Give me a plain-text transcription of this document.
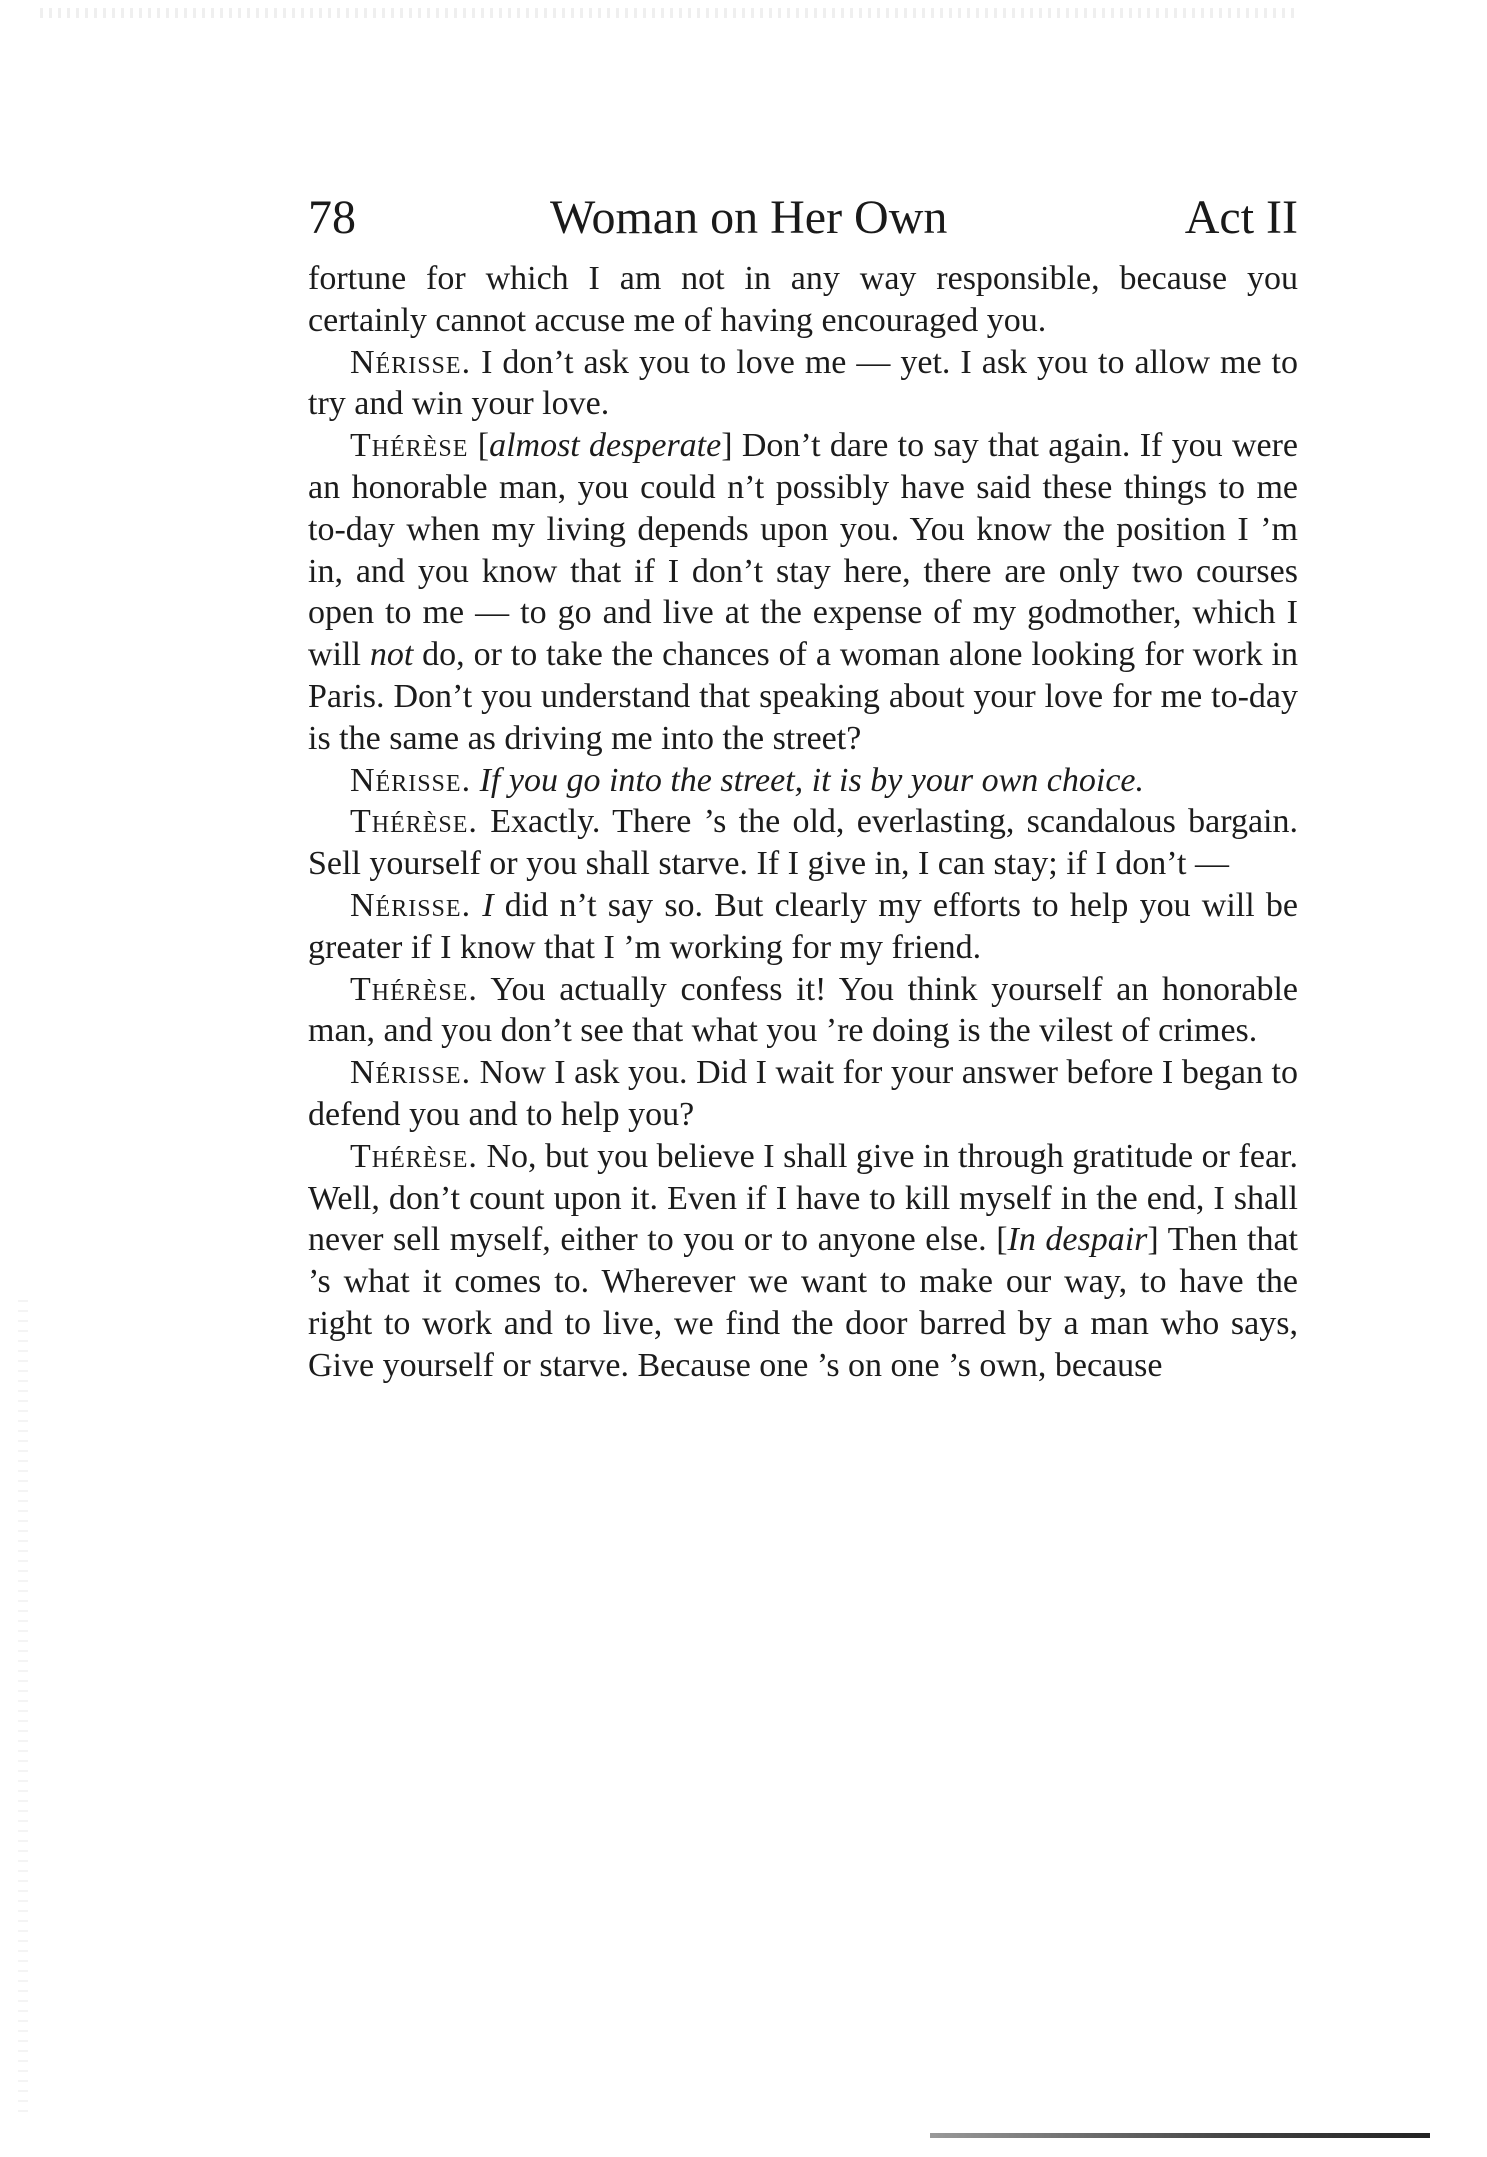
78	Woman on Her Own	Act II

fortune for which I am not in any way responsible, because you certainly cannot accuse me of having encouraged you.

Nérisse. I don’t ask you to love me — yet. I ask you to allow me to try and win your love.

Thérèse [almost desperate] Don’t dare to say that again. If you were an honorable man, you could n’t possibly have said these things to me to-day when my living depends upon you. You know the position I ’m in, and you know that if I don’t stay here, there are only two courses open to me — to go and live at the expense of my godmother, which I will not do, or to take the chances of a woman alone looking for work in Paris. Don’t you understand that speaking about your love for me to-day is the same as driving me into the street?

Nérisse. If you go into the street, it is by your own choice.

Thérèse. Exactly. There ’s the old, everlasting, scandalous bargain. Sell yourself or you shall starve. If I give in, I can stay; if I don’t —

Nérisse. I did n’t say so. But clearly my efforts to help you will be greater if I know that I ’m working for my friend.

Thérèse. You actually confess it! You think yourself an honorable man, and you don’t see that what you ’re doing is the vilest of crimes.

Nérisse. Now I ask you. Did I wait for your answer before I began to defend you and to help you?

Thérèse. No, but you believe I shall give in through gratitude or fear. Well, don’t count upon it. Even if I have to kill myself in the end, I shall never sell myself, either to you or to anyone else. [In despair] Then that ’s what it comes to. Wherever we want to make our way, to have the right to work and to live, we find the door barred by a man who says, Give yourself or starve. Because one ’s on one ’s own, because
